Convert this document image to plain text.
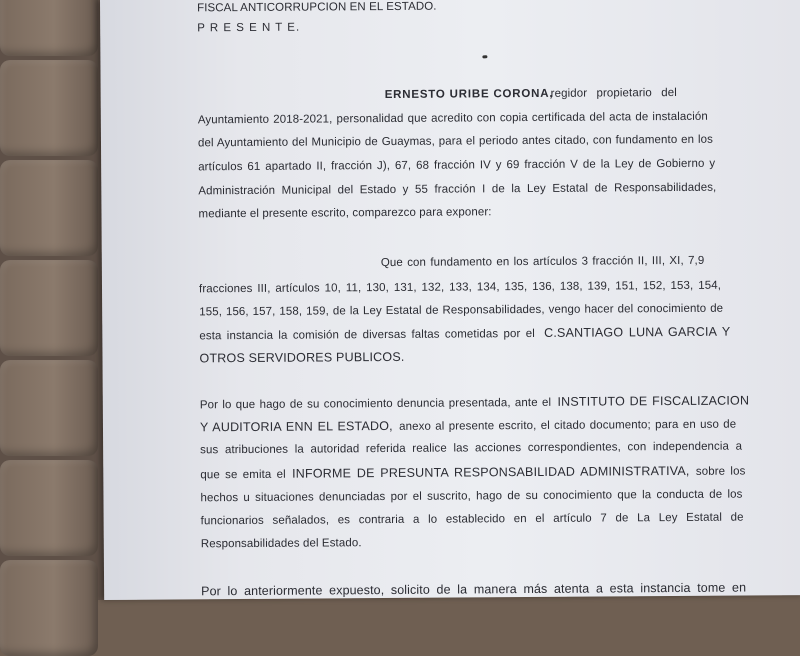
FISCAL ANTICORRUPCION EN EL ESTADO.
P R E S E N T E.
ERNESTO URIBE CORONA,
regidor propietario del
Ayuntamiento 2018-2021, personalidad que acredito con copia certificada del acta de instalación
del Ayuntamiento del Municipio de Guaymas, para el periodo antes citado, con fundamento en los
artículos 61 apartado II, fracción J), 67, 68 fracción IV y 69 fracción V de la Ley de Gobierno y
Administración Municipal del Estado y 55 fracción I de la Ley Estatal de Responsabilidades,
mediante el presente escrito, comparezco para exponer:
Que con fundamento en los artículos 3 fracción II, III, XI, 7,9
fracciones III, artículos 10, 11, 130, 131, 132, 133, 134, 135, 136, 138, 139, 151, 152, 153, 154,
155, 156, 157, 158, 159, de la Ley Estatal de Responsabilidades, vengo hacer del conocimiento de
esta instancia la comisión de diversas faltas cometidas por el C.SANTIAGO LUNA GARCIA Y
OTROS SERVIDORES PUBLICOS.
Por lo que hago de su conocimiento denuncia presentada, ante el INSTITUTO DE FISCALIZACION
Y AUDITORIA ENN EL ESTADO, anexo al presente escrito, el citado documento; para en uso de
sus atribuciones la autoridad referida realice las acciones correspondientes, con independencia a
que se emita el INFORME DE PRESUNTA RESPONSABILIDAD ADMINISTRATIVA, sobre los
hechos u situaciones denunciadas por el suscrito, hago de su conocimiento que la conducta de los
funcionarios señalados, es contraria a lo establecido en el artículo 7 de La Ley Estatal de
Responsabilidades del Estado.
Por lo anteriormente expuesto, solicito de la manera más atenta a esta instancia tome en
